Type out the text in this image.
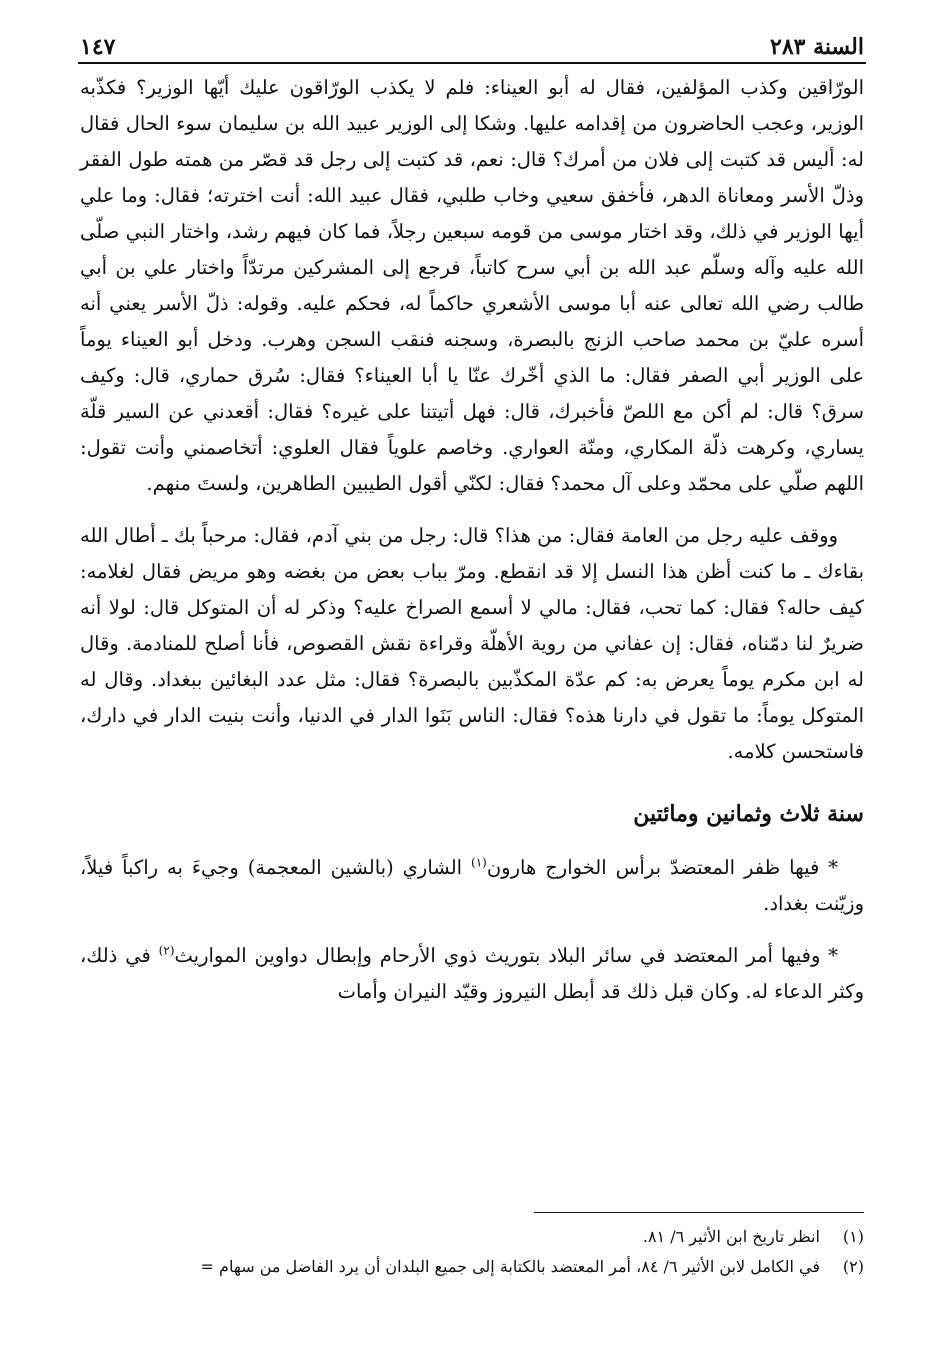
السنة ٢٨٣
١٤٧

الورّاقين وكذب المؤلفين، فقال له أبو العيناء: فلم لا يكذب الورّاقون عليك أيّها الوزير؟ فكذّبه الوزير، وعجب الحاضرون من إقدامه عليها. وشكا إلى الوزير عبيد الله بن سليمان سوء الحال فقال له: أليس قد كتبت إلى فلان من أمرك؟ قال: نعم، قد كتبت إلى رجل قد قصّر من همته طول الفقر وذلّ الأسر ومعاناة الدهر، فأخفق سعيي وخاب طلبي، فقال عبيد الله: أنت اخترته؛ فقال: وما علي أيها الوزير في ذلك، وقد اختار موسى من قومه سبعين رجلاً، فما كان فيهم رشد، واختار النبي صلّى الله عليه وآله وسلّم عبد الله بن أبي سرح كاتباً، فرجع إلى المشركين مرتدّاً واختار علي بن أبي طالب رضي الله تعالى عنه أبا موسى الأشعري حاكماً له، فحكم عليه. وقوله: ذلّ الأسر يعني أنه أسره عليّ بن محمد صاحب الزنج بالبصرة، وسجنه فنقب السجن وهرب. ودخل أبو العيناء يوماً على الوزير أبي الصفر فقال: ما الذي أخّرك عنّا يا أبا العيناء؟ فقال: سُرق حماري، قال: وكيف سرق؟ قال: لم أكن مع اللصّ فأخبرك، قال: فهل أتيتنا على غيره؟ فقال: أقعدني عن السير قلّة يساري، وكرهت ذلّة المكاري، ومنّة العواري. وخاصم علوياً فقال العلوي: أتخاصمني وأنت تقول: اللهم صلّي على محمّد وعلى آل محمد؟ فقال: لكنّي أقول الطيبين الطاهرين، ولستَ منهم.

ووقف عليه رجل من العامة فقال: من هذا؟ قال: رجل من بني آدم، فقال: مرحباً بك ـ أطال الله بقاءك ـ ما كنت أظن هذا النسل إلا قد انقطع. ومرّ بباب بعض من بغضه وهو مريض فقال لغلامه: كيف حاله؟ فقال: كما تحب، فقال: مالي لا أسمع الصراخ عليه؟ وذكر له أن المتوكل قال: لولا أنه ضريرٌ لنا دمّناه، فقال: إن عفاني من روية الأهلّة وقراءة نقش القصوص، فأنا أصلح للمنادمة. وقال له ابن مكرم يوماً يعرض به: كم عدّة المكذّبين بالبصرة؟ فقال: مثل عدد البغائين ببغداد. وقال له المتوكل يوماً: ما تقول في دارنا هذه؟ فقال: الناس بَنَوا الدار في الدنيا، وأنت بنيت الدار في دارك، فاستحسن كلامه.

سنة ثلاث وثمانين ومائتين

* فيها ظفر المعتضدّ برأس الخوارج هارون$^{(١)}$ الشاري (بالشين المعجمة) وجيءَ به راكباً فيلاً، وزيّنت بغداد.

* وفيها أمر المعتضد في سائر البلاد بتوريث ذوي الأرحام وإبطال دواوين المواريث$^{(٢)}$ في ذلك، وكثر الدعاء له. وكان قبل ذلك قد أبطل النيروز وقيّد النيران وأمات

(١)
انظر تاريخ ابن الأثير ٦/ ٨١.
(٢)
في الكامل لابن الأثير ٦/ ٨٤، أمر المعتضد بالكتابة إلى جميع البلدان أن يرد الفاضل من سهام =
